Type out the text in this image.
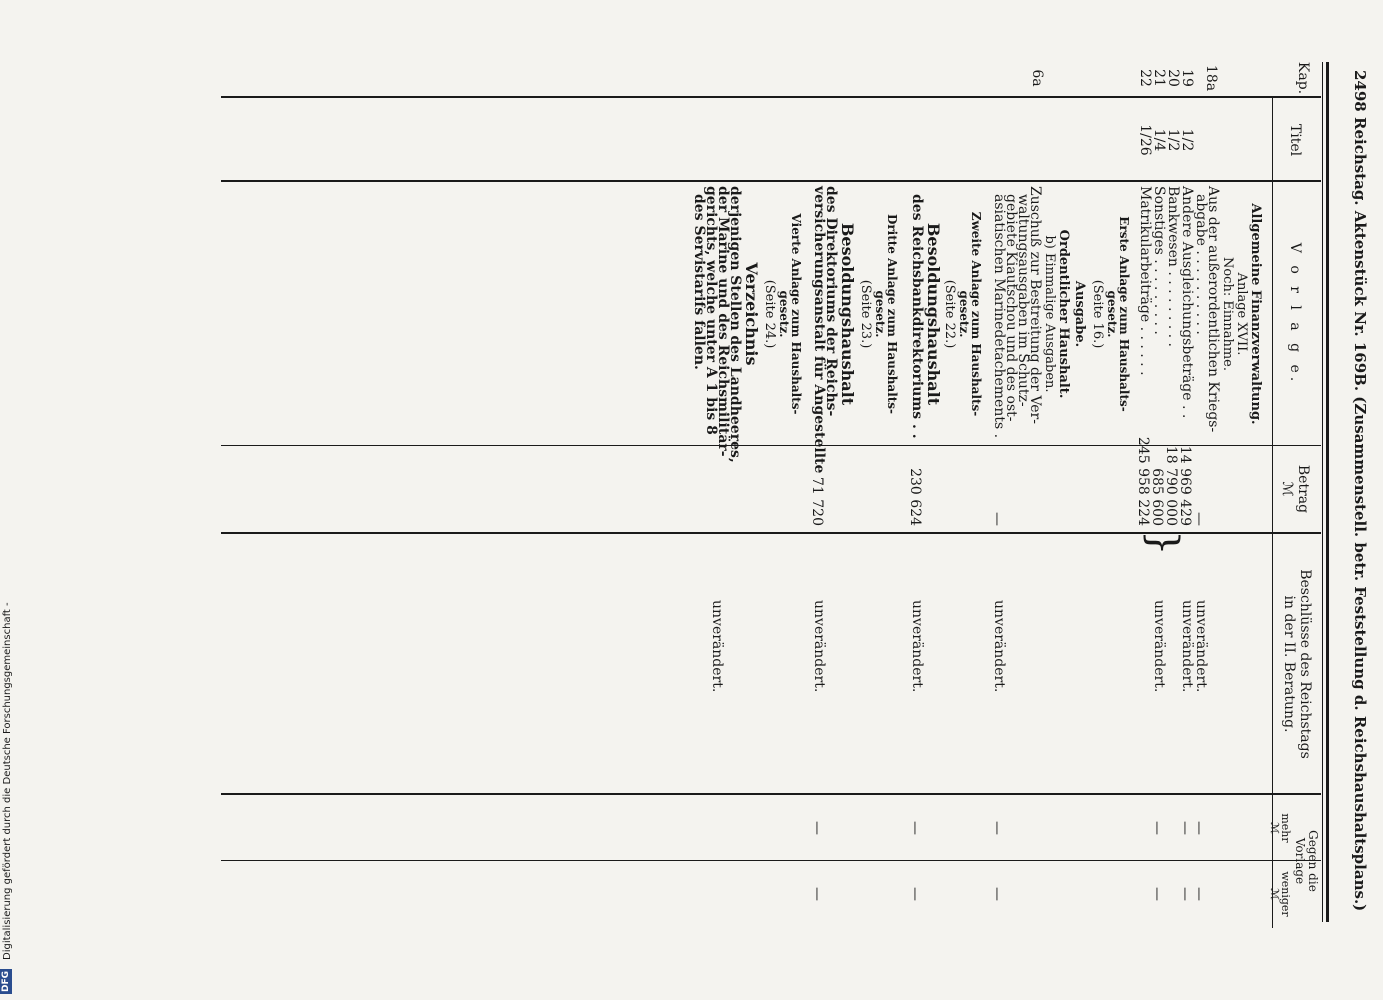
2498 Reichstag. Aktenstück Nr. 169B. (Zusammenstell. betr. Feststellung d. Reichshaushaltsplans.)
Kap.
Titel
V o r l a g e.
Betrag
ℳ
Beschlüsse des Reichstags
in der II. Beratung.
Gegen die
Vorlage
mehr
ℳ
weniger
ℳ
Allgemeine Finanzverwaltung.
Anlage XVII.
Noch: Einnahme.
18a
Aus der außerordentlichen Kriegs-
abgabe . . . . . . . . . .
—
unverändert.
—
—
19
1/2
Andere Ausgleichungsbeträge . .
14 969 429
unverändert.
—
—
20
1/2
Bankwesen . . . . . . . . .
18 790 000
21
1/4
Sonstiges . . . . . . . . .
685 600
}
unverändert.
—
—
22
1/26
Matrikularbeiträge . . . . . .
245 958 224
Erste Anlage zum Haushalts-
gesetz.
(Seite 16.)
Ausgabe.
Ordentlicher Haushalt.
b) Einmalige Ausgaben.
6a
Zuschuß zur Bestreitung der Ver-
waltungsausgaben im Schutz-
gebiete Kiautschou und des ost-
asiatischen Marinedetachements .
—
unverändert.
—
—
Zweite Anlage zum Haushalts-
gesetz.
(Seite 22.)
Besoldungshaushalt
des Reichsbankdirektoriums . .
230 624
unverändert.
—
—
Dritte Anlage zum Haushalts-
gesetz.
(Seite 23.)
Besoldungshaushalt
des Direktoriums der Reichs-
versicherungsanstalt für Angestellte
71 720
unverändert.
—
—
Vierte Anlage zum Haushalts-
gesetz.
(Seite 24.)
Verzeichnis
derjenigen Stellen des Landheeres,
der Marine und des Reichsmilitär-
gerichts, welche unter A 1 bis 8
des Servistarifs fallen.
unverändert.
Digitalisierung gefördert durch die Deutsche Forschungsgemeinschaft -
DFG
